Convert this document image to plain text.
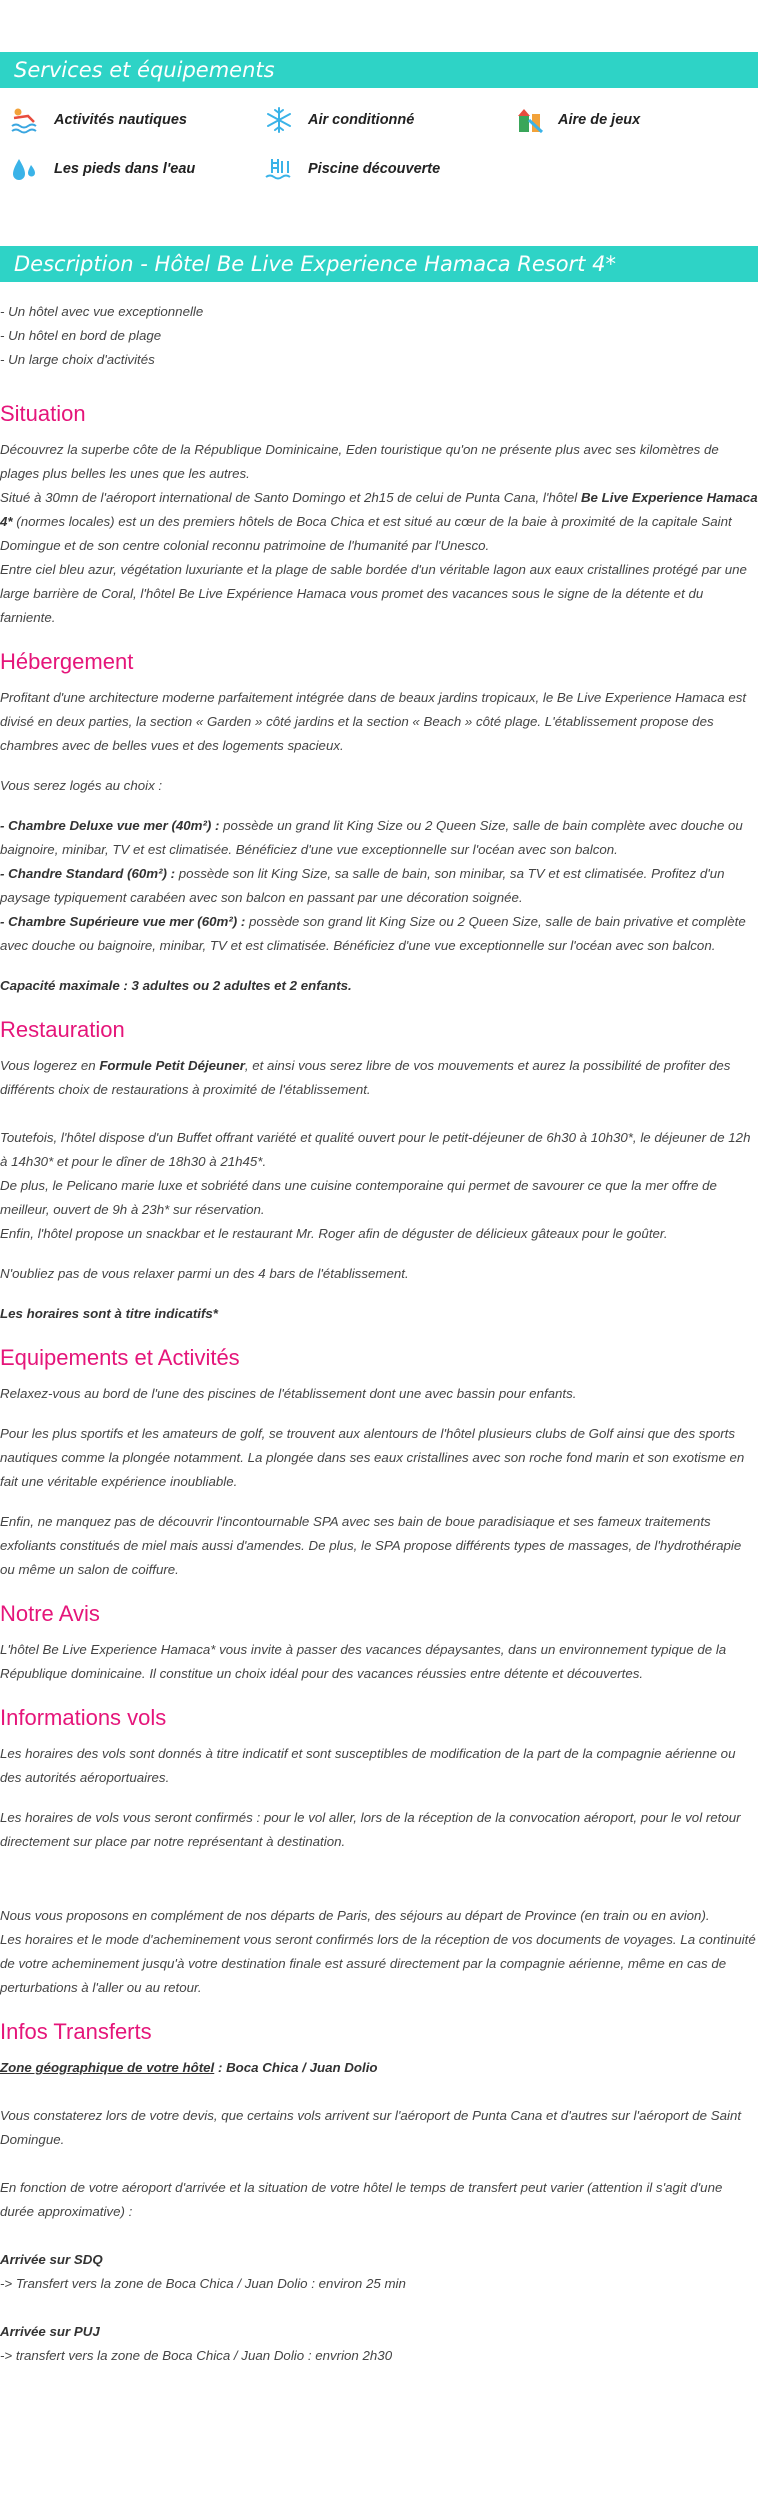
Services et équipements
Activités nautiques	Air conditionné	Aire de jeux
Les pieds dans l'eau	Piscine découverte
Description - Hôtel Be Live Experience Hamaca Resort 4*

- Un hôtel avec vue exceptionnelle

- Un hôtel en bord de plage

- Un large choix d'activités

Situation

Découvrez la superbe côte de la République Dominicaine, Eden touristique qu'on ne présente plus avec ses kilomètres de plages plus belles les unes que les autres.

Situé à 30mn de l'aéroport international de Santo Domingo et 2h15 de celui de Punta Cana, l'hôtel Be Live Experience Hamaca 4* (normes locales) est un des premiers hôtels de Boca Chica et est situé au cœur de la baie à proximité de la capitale Saint Domingue et de son centre colonial reconnu patrimoine de l'humanité par l'Unesco.

Entre ciel bleu azur, végétation luxuriante et la plage de sable bordée d'un véritable lagon aux eaux cristallines protégé par une large barrière de Coral, l'hôtel Be Live Expérience Hamaca vous promet des vacances sous le signe de la détente et du farniente.

Hébergement

Profitant d'une architecture moderne parfaitement intégrée dans de beaux jardins tropicaux, le Be Live Experience Hamaca est divisé en deux parties, la section « Garden » côté jardins et la section « Beach » côté plage. L'établissement propose des chambres avec de belles vues et des logements spacieux.

Vous serez logés au choix :

- Chambre Deluxe vue mer (40m²) : possède un grand lit King Size ou 2 Queen Size, salle de bain complète avec douche ou baignoire, minibar, TV et est climatisée. Bénéficiez d'une vue exceptionnelle sur l'océan avec son balcon.

- Chandre Standard (60m²) : possède son lit King Size, sa salle de bain, son minibar, sa TV et est climatisée. Profitez d'un paysage typiquement carabéen avec son balcon en passant par une décoration soignée.

- Chambre Supérieure vue mer (60m²) : possède son grand lit King Size ou 2 Queen Size, salle de bain privative et complète avec douche ou baignoire, minibar, TV et est climatisée. Bénéficiez d'une vue exceptionnelle sur l'océan avec son balcon.

Capacité maximale : 3 adultes ou 2 adultes et 2 enfants.

Restauration

Vous logerez en Formule Petit Déjeuner, et ainsi vous serez libre de vos mouvements et aurez la possibilité de profiter des différents choix de restaurations à proximité de l'établissement.

Toutefois, l'hôtel dispose d'un Buffet offrant variété et qualité ouvert pour le petit-déjeuner de 6h30 à 10h30*, le déjeuner de 12h à 14h30* et pour le dîner de 18h30 à 21h45*.

De plus, le Pelicano marie luxe et sobriété dans une cuisine contemporaine qui permet de savourer ce que la mer offre de meilleur, ouvert de 9h à 23h* sur réservation.

Enfin, l'hôtel propose un snackbar et le restaurant Mr. Roger afin de déguster de délicieux gâteaux pour le goûter.

N'oubliez pas de vous relaxer parmi un des 4 bars de l'établissement.

Les horaires sont à titre indicatifs*

Equipements et Activités

Relaxez-vous au bord de l'une des piscines de l'établissement dont une avec bassin pour enfants.

Pour les plus sportifs et les amateurs de golf, se trouvent aux alentours de l'hôtel plusieurs clubs de Golf ainsi que des sports nautiques comme la plongée notamment. La plongée dans ses eaux cristallines avec son roche fond marin et son exotisme en fait une véritable expérience inoubliable.

Enfin, ne manquez pas de découvrir l'incontournable SPA avec ses bain de boue paradisiaque et ses fameux traitements exfoliants constitués de miel mais aussi d'amendes. De plus, le SPA propose différents types de massages, de l'hydrothérapie ou même un salon de coiffure.

Notre Avis

L'hôtel Be Live Experience Hamaca* vous invite à passer des vacances dépaysantes, dans un environnement typique de la République dominicaine. Il constitue un choix idéal pour des vacances réussies entre détente et découvertes.

Informations vols

Les horaires des vols sont donnés à titre indicatif et sont susceptibles de modification de la part de la compagnie aérienne ou des autorités aéroportuaires.

Les horaires de vols vous seront confirmés : pour le vol aller, lors de la réception de la convocation aéroport, pour le vol retour directement sur place par notre représentant à destination.

Nous vous proposons en complément de nos départs de Paris, des séjours au départ de Province (en train ou en avion).

Les horaires et le mode d'acheminement vous seront confirmés lors de la réception de vos documents de voyages. La continuité de votre acheminement jusqu'à votre destination finale est assuré directement par la compagnie aérienne, même en cas de perturbations à l'aller ou au retour.

Infos Transferts

Zone géographique de votre hôtel : Boca Chica / Juan Dolio

Vous constaterez lors de votre devis, que certains vols arrivent sur l'aéroport de Punta Cana et d'autres sur l'aéroport de Saint Domingue.

En fonction de votre aéroport d'arrivée et la situation de votre hôtel le temps de transfert peut varier (attention il s'agit d'une durée approximative) :

Arrivée sur SDQ

-> Transfert vers la zone de Boca Chica / Juan Dolio : environ 25 min

Arrivée sur PUJ

-> transfert vers la zone de Boca Chica / Juan Dolio : envrion 2h30
